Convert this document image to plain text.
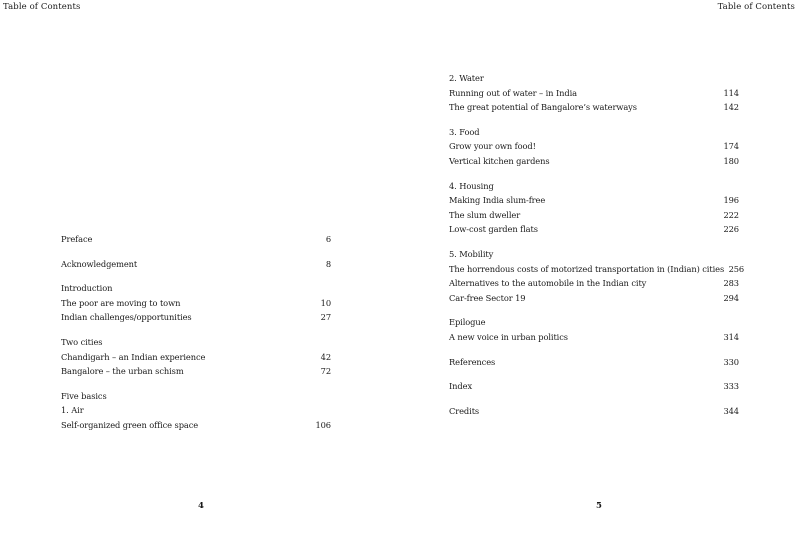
Table of Contents
Preface	6
Acknowledgement	8
Introduction
The poor are moving to town	10
Indian challenges/opportunities	27
Two cities
Chandigarh – an Indian experience	42
Bangalore – the urban schism	72
Five basics
1. Air
Self-organized green office space	106
4
Table of Contents
2. Water
Running out of water – in India	114
The great potential of Bangalore’s waterways	142
3. Food
Grow your own food!	174
Vertical kitchen gardens	180
4. Housing
Making India slum-free	196
The slum dweller	222
Low-cost garden flats	226
5. Mobility
The horrendous costs of motorized transportation in (Indian) cities 256
Alternatives to the automobile in the Indian city	283
Car-free Sector 19	294
Epilogue
A new voice in urban politics	314
References	330
Index	333
Credits	344
5
